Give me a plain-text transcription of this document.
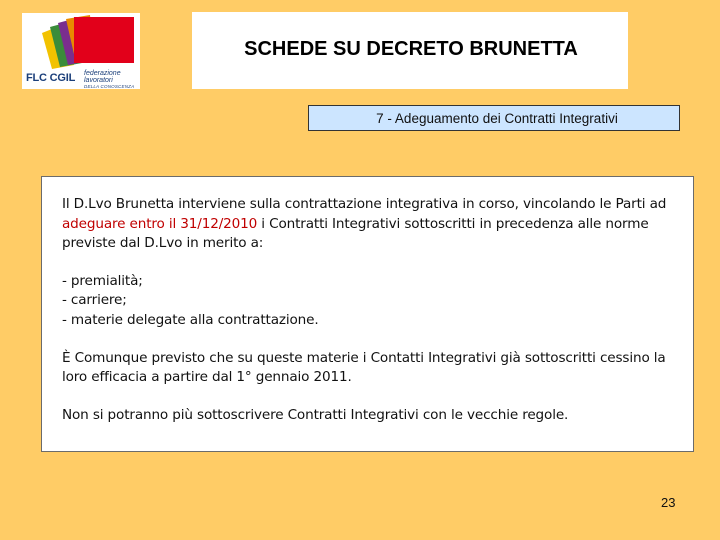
FLC CGIL federazione lavoratori
DELLA CONOSCENZA
SCHEDE SU DECRETO BRUNETTA
7 - Adeguamento dei Contratti Integrativi

Il D.Lvo Brunetta interviene sulla contrattazione integrativa in corso, vincolando le Parti ad adeguare entro il 31/12/2010 i Contratti Integrativi sottoscritti in precedenza alle norme previste dal D.Lvo in merito a:

- premialità;
- carriere;
- materie delegate alla contrattazione.

È Comunque previsto che su queste materie i Contatti Integrativi già sottoscritti cessino la loro efficacia a partire dal 1° gennaio 2011.

Non si potranno più sottoscrivere Contratti Integrativi con le vecchie regole.

23
